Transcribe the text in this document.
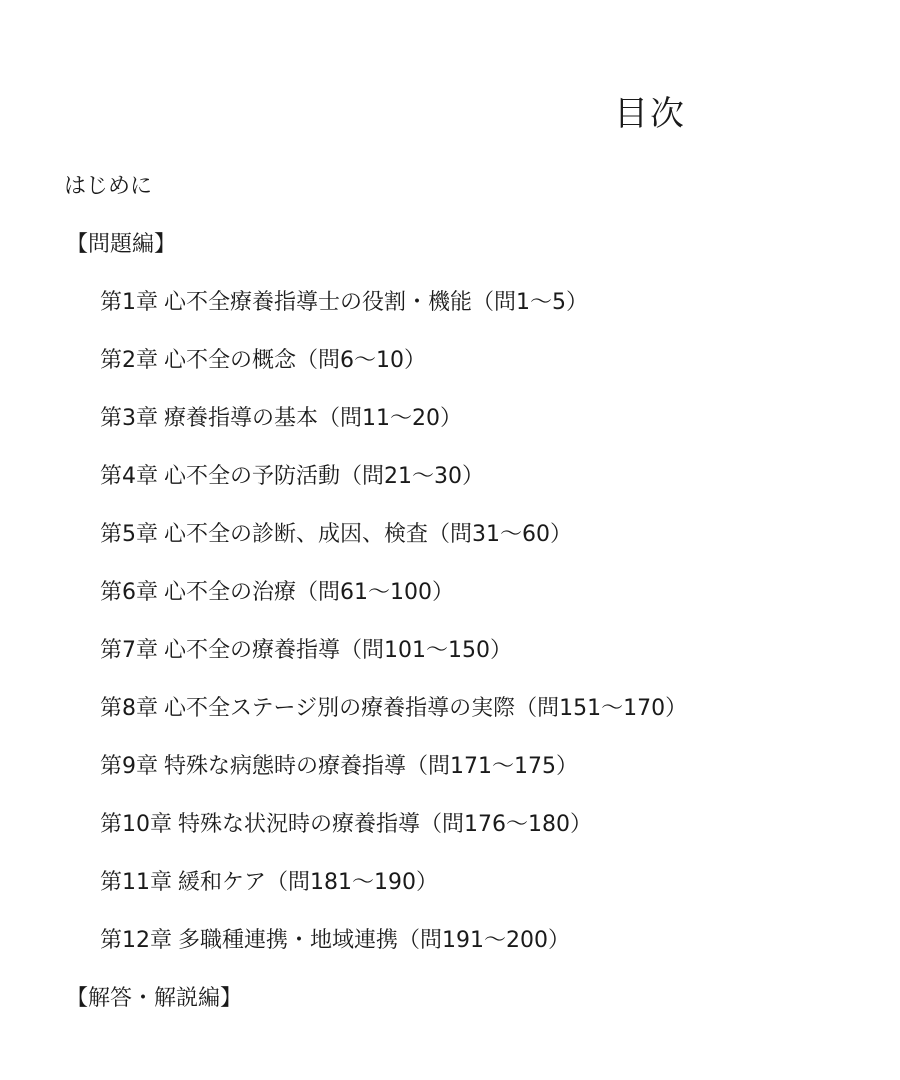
目次
はじめに
【問題編】
第1章 心不全療養指導士の役割・機能（問1～5）
第2章 心不全の概念（問6～10）
第3章 療養指導の基本（問11～20）
第4章 心不全の予防活動（問21～30）
第5章 心不全の診断、成因、検査（問31～60）
第6章 心不全の治療（問61～100）
第7章 心不全の療養指導（問101～150）
第8章 心不全ステージ別の療養指導の実際（問151～170）
第9章 特殊な病態時の療養指導（問171～175）
第10章 特殊な状況時の療養指導（問176～180）
第11章 緩和ケア（問181～190）
第12章 多職種連携・地域連携（問191～200）
【解答・解説編】
